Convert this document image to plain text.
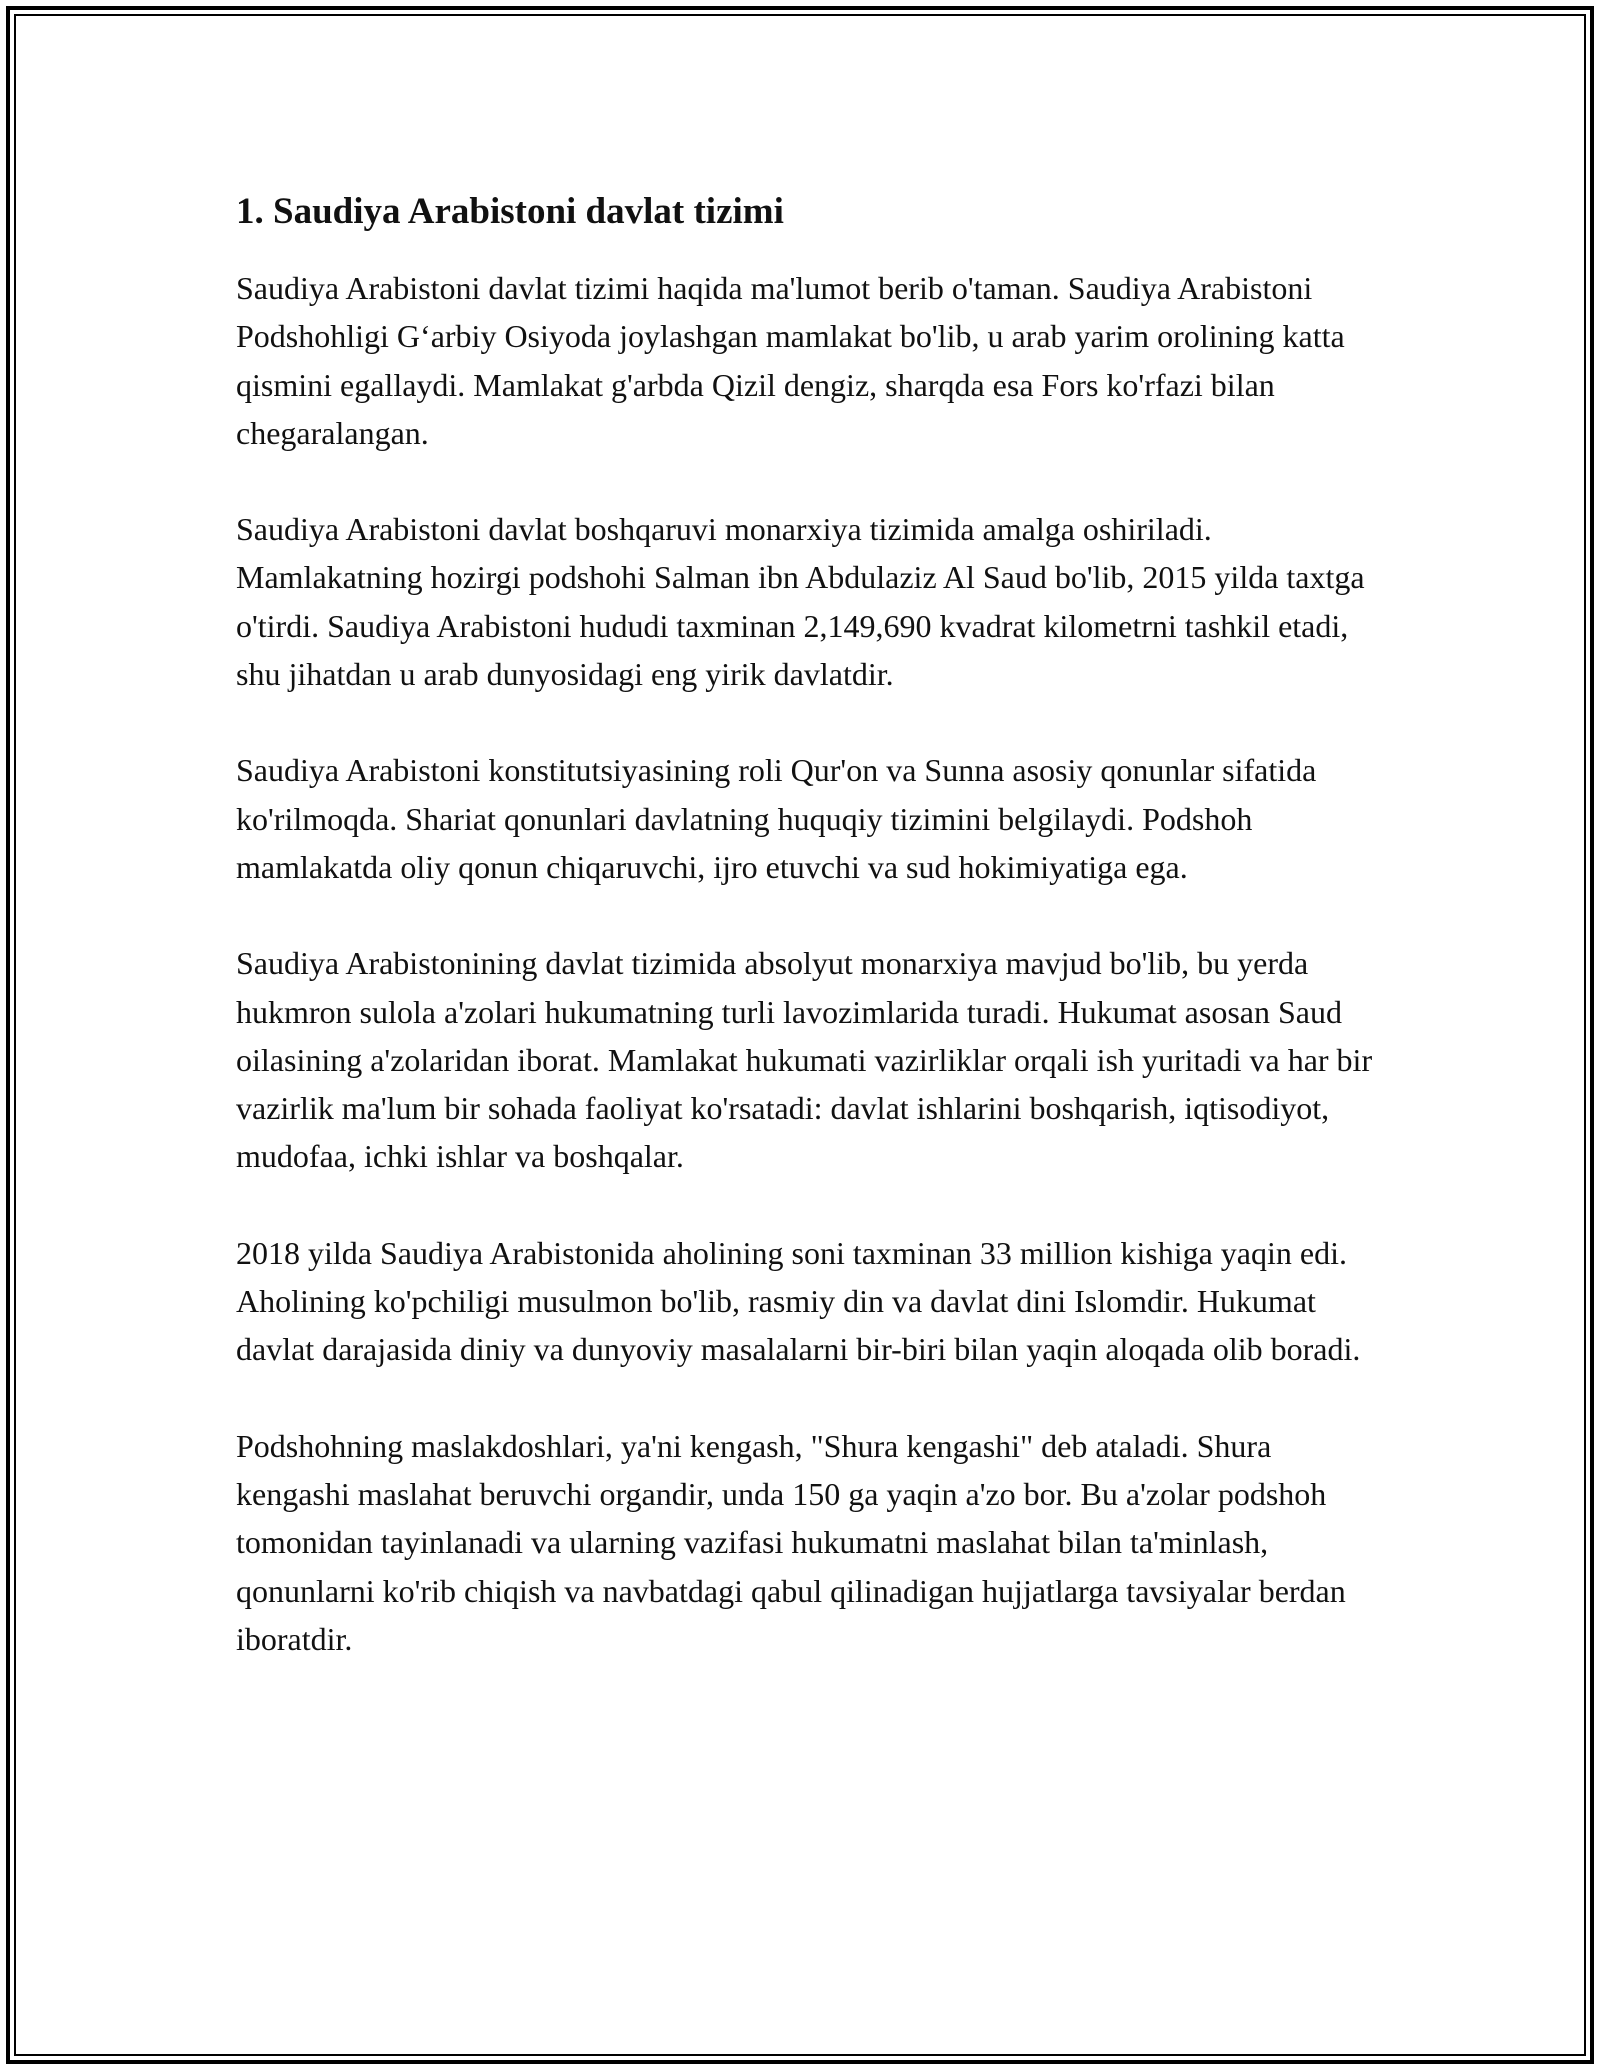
1. Saudiya Arabistoni davlat tizimi

Saudiya Arabistoni davlat tizimi haqida ma'lumot berib o'taman. Saudiya Arabistoni Podshohligi G‘arbiy Osiyoda joylashgan mamlakat bo'lib, u arab yarim orolining katta qismini egallaydi. Mamlakat g'arbda Qizil dengiz, sharqda esa Fors ko'rfazi bilan chegaralangan.

Saudiya Arabistoni davlat boshqaruvi monarxiya tizimida amalga oshiriladi. Mamlakatning hozirgi podshohi Salman ibn Abdulaziz Al Saud bo'lib, 2015 yilda taxtga o'tirdi. Saudiya Arabistoni hududi taxminan 2,149,690 kvadrat kilometrni tashkil etadi, shu jihatdan u arab dunyosidagi eng yirik davlatdir.

Saudiya Arabistoni konstitutsiyasining roli Qur'on va Sunna asosiy qonunlar sifatida ko'rilmoqda. Shariat qonunlari davlatning huquqiy tizimini belgilaydi. Podshoh mamlakatda oliy qonun chiqaruvchi, ijro etuvchi va sud hokimiyatiga ega.

Saudiya Arabistonining davlat tizimida absolyut monarxiya mavjud bo'lib, bu yerda hukmron sulola a'zolari hukumatning turli lavozimlarida turadi. Hukumat asosan Saud oilasining a'zolaridan iborat. Mamlakat hukumati vazirliklar orqali ish yuritadi va har bir vazirlik ma'lum bir sohada faoliyat ko'rsatadi: davlat ishlarini boshqarish, iqtisodiyot, mudofaa, ichki ishlar va boshqalar.

2018 yilda Saudiya Arabistonida aholining soni taxminan 33 million kishiga yaqin edi. Aholining ko'pchiligi musulmon bo'lib, rasmiy din va davlat dini Islomdir. Hukumat davlat darajasida diniy va dunyoviy masalalarni bir-biri bilan yaqin aloqada olib boradi.

Podshohning maslakdoshlari, ya'ni kengash, "Shura kengashi" deb ataladi. Shura kengashi maslahat beruvchi organdir, unda 150 ga yaqin a'zo bor. Bu a'zolar podshoh tomonidan tayinlanadi va ularning vazifasi hukumatni maslahat bilan ta'minlash, qonunlarni ko'rib chiqish va navbatdagi qabul qilinadigan hujjatlarga tavsiyalar berdan iboratdir.
